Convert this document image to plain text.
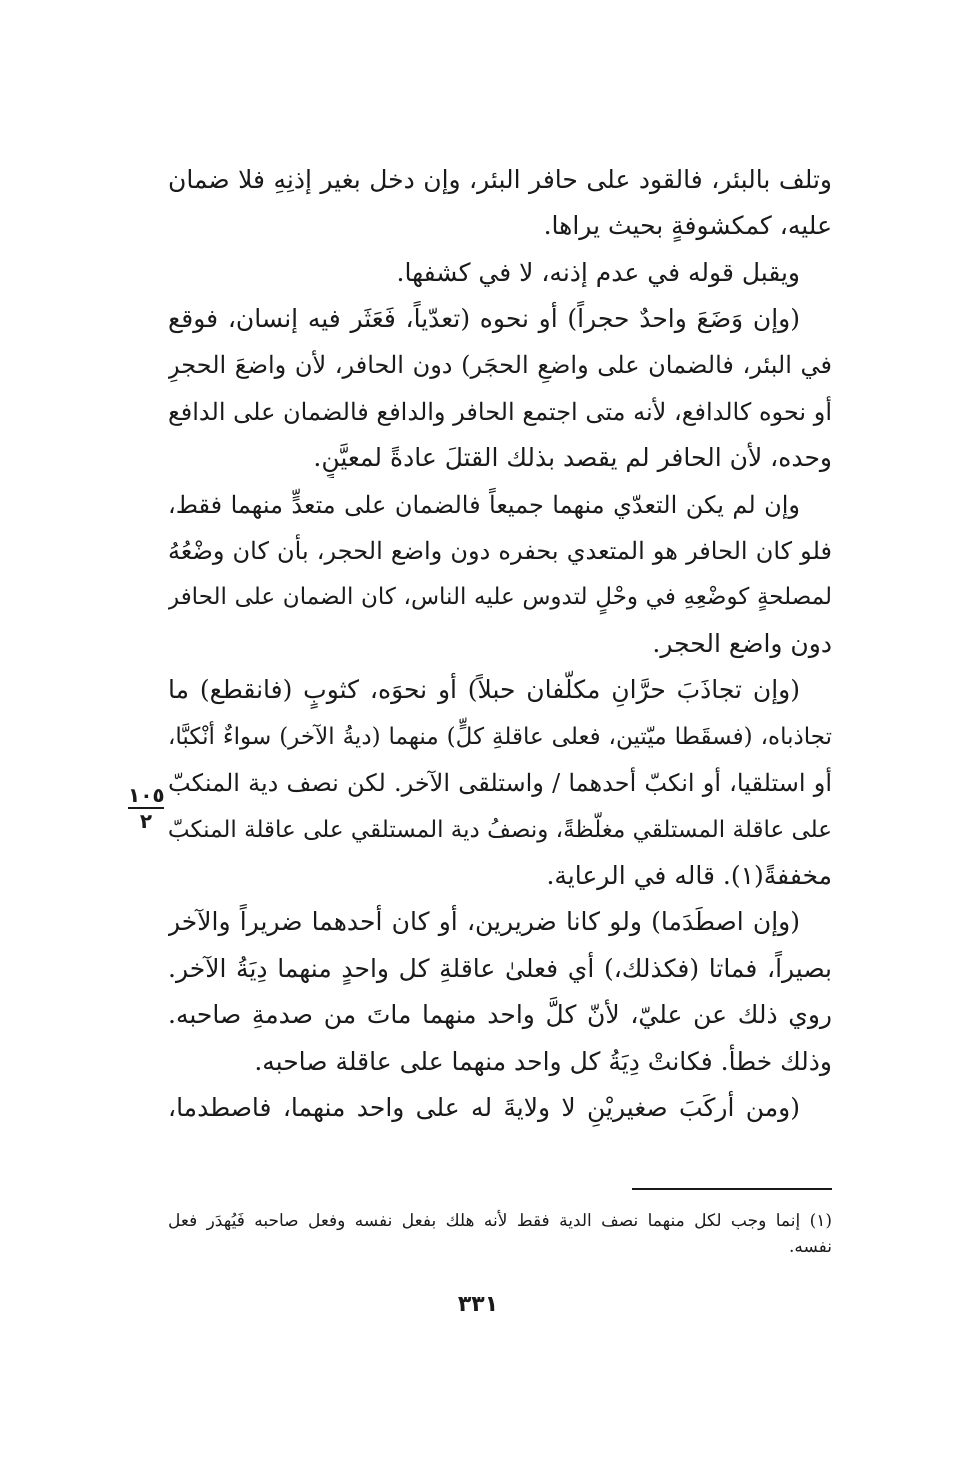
وتلف بالبئر، فالقود على حافر البئر، وإن دخل بغير إذنِهِ فلا ضمان
عليه، كمكشوفةٍ بحيث يراها.
ويقبل قوله في عدم إذنه، لا في كشفها.
(وإن وَضَعَ واحدٌ حجراً) أو نحوه (تعدّياً، فَعَثَر فيه إنسان، فوقع
في البئر، فالضمان على واضعِ الحجَر) دون الحافر، لأن واضعَ الحجرِ
أو نحوه كالدافع، لأنه متى اجتمع الحافر والدافع فالضمان على الدافع
وحده، لأن الحافر لم يقصد بذلك القتلَ عادةً لمعيَّنٍ.
وإن لم يكن التعدّي منهما جميعاً فالضمان على متعدٍّ منهما فقط،
فلو كان الحافر هو المتعدي بحفره دون واضع الحجر، بأن كان وضْعُهُ
لمصلحةٍ كوضْعِهِ في وحْلٍ لتدوس عليه الناس، كان الضمان على الحافر
دون واضع الحجر.
(وإن تجاذَبَ حرَّانِ مكلّفان حبلاً) أو نحوَه، كثوبٍ (فانقطع) ما
تجاذباه، (فسقَطا ميّتين، فعلى عاقلةِ كلٍّ) منهما (ديةُ الآخر) سواءٌ أنْكبَّا،
أو استلقيا، أو انكبّ أحدهما / واستلقى الآخر. لكن نصف دية المنكبّ
على عاقلة المستلقي مغلّظةً، ونصفُ دية المستلقي على عاقلة المنكبّ
مخففةً(١). قاله في الرعاية.
(وإن اصطَدَما) ولو كانا ضريرين، أو كان أحدهما ضريراً والآخر
بصيراً، فماتا (فكذلك،) أي فعلىٰ عاقلةِ كل واحدٍ منهما دِيَةُ الآخر.
روي ذلك عن عليّ، لأنّ كلَّ واحد منهما ماتَ من صدمةِ صاحبه.
وذلك خطأ. فكانتْ دِيَةُ كل واحد منهما على عاقلة صاحبه.
(ومن أركَبَ صغيريْنِ لا ولايةَ له على واحد منهما، فاصطدما،
١٠٥
٢
(١) إنما وجب لكل منهما نصف الدية فقط لأنه هلك بفعل نفسه وفعل صاحبه فَيُهدَر فعل
نفسه.
٣٣١
